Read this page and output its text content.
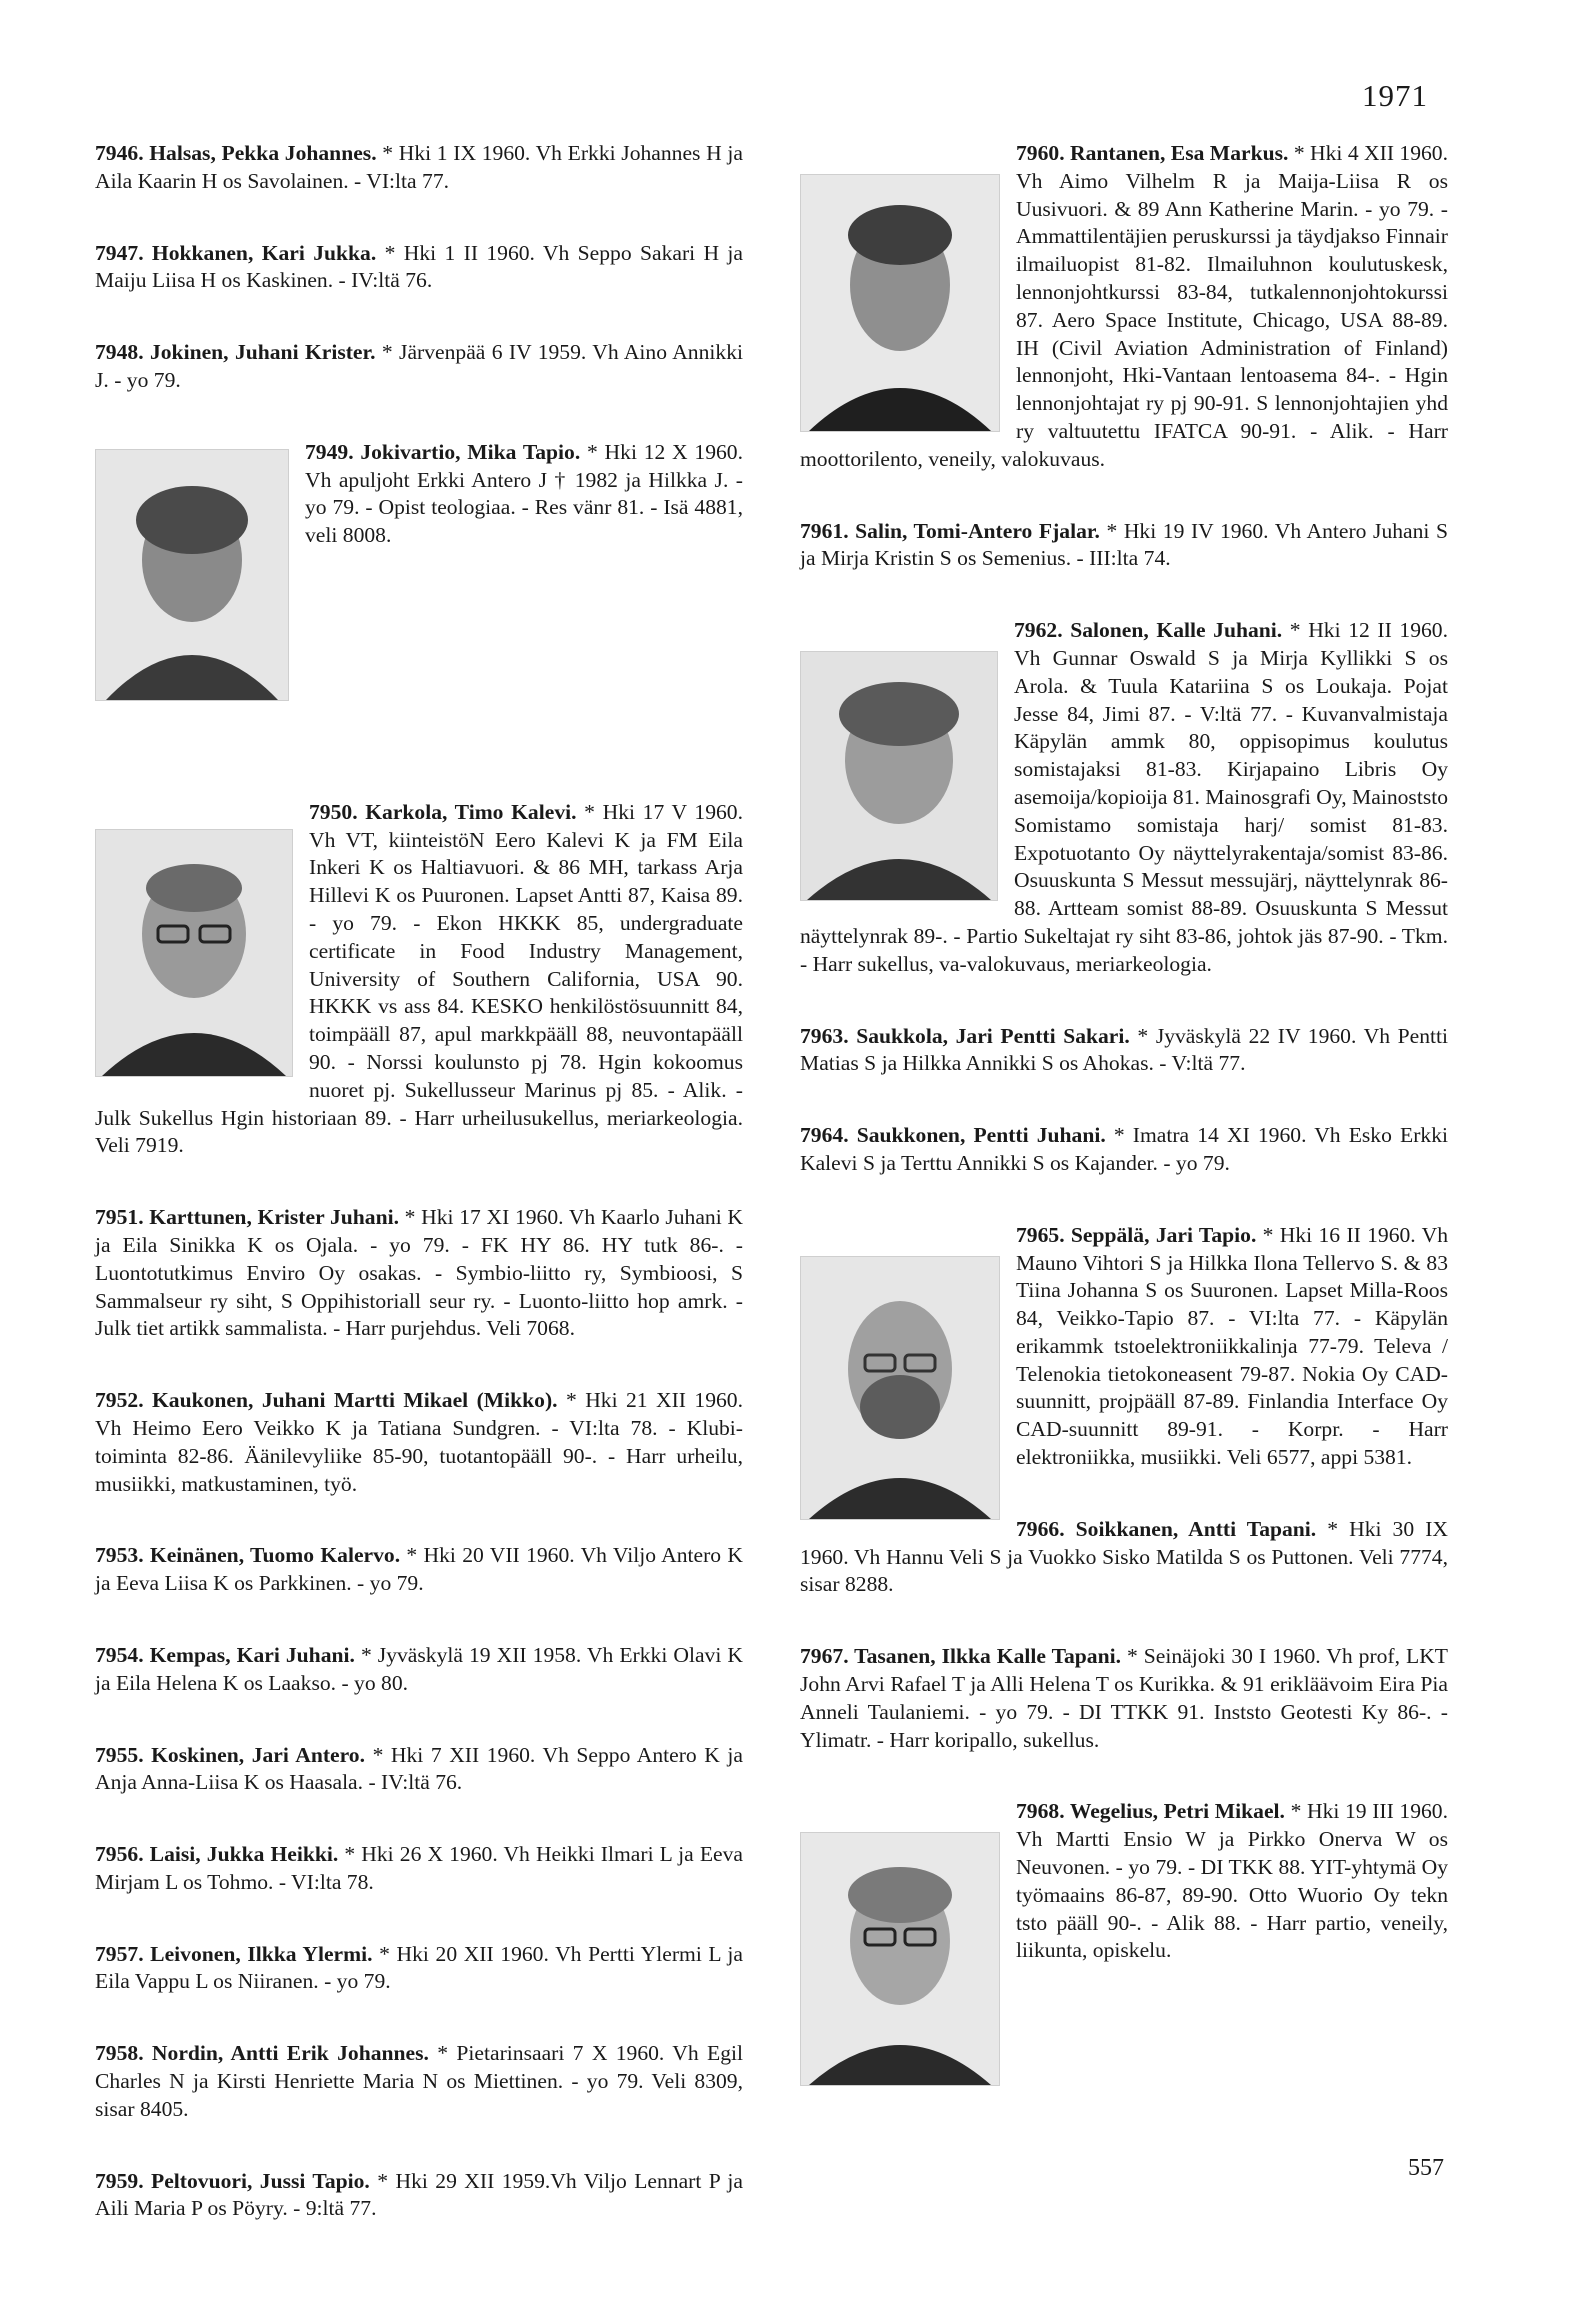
1971
7946. Halsas, Pekka Johannes. * Hki 1 IX 1960. Vh Erkki Johannes H ja Aila Kaarin H os Savolainen. - VI:lta 77.
7947. Hokkanen, Kari Jukka. * Hki 1 II 1960. Vh Seppo Sakari H ja Maiju Liisa H os Kaskinen. - IV:ltä 76.
7948. Jokinen, Juhani Krister. * Järvenpää 6 IV 1959. Vh Aino Annikki J. - yo 79.
7949. Jokivartio, Mika Tapio. * Hki 12 X 1960. Vh apuljoht Erkki Antero J † 1982 ja Hilkka J. - yo 79. - Opist teologiaa. - Res vänr 81. - Isä 4881, veli 8008.
7950. Karkola, Timo Kalevi. * Hki 17 V 1960. Vh VT, kiinteistöN Eero Kalevi K ja FM Eila Inkeri K os Haltiavuori. & 86 MH, tarkass Arja Hillevi K os Puuronen. Lapset Antti 87, Kaisa 89. - yo 79. - Ekon HKKK 85, undergraduate certificate in Food Industry Management, University of Southern California, USA 90. HKKK vs ass 84. KESKO henkilöstösuunnitt 84, toimpääll 87, apul markkpääll 88, neuvontapääll 90. - Norssi koulunsto pj 78. Hgin kokoomus nuoret pj. Sukellusseur Marinus pj 85. - Alik. - Julk Sukellus Hgin historiaan 89. - Harr urheilusukellus, meriarkeologia. Veli 7919.
7951. Karttunen, Krister Juhani. * Hki 17 XI 1960. Vh Kaarlo Juhani K ja Eila Sinikka K os Ojala. - yo 79. - FK HY 86. HY tutk 86-. - Luontotutkimus Enviro Oy osakas. - Symbio-liitto ry, Symbioosi, S Sammalseur ry siht, S Oppihistoriall seur ry. - Luonto-liitto hop amrk. - Julk tiet artikk sammalista. - Harr purjehdus. Veli 7068.
7952. Kaukonen, Juhani Martti Mikael (Mikko). * Hki 21 XII 1960. Vh Heimo Eero Veikko K ja Tatiana Sundgren. - VI:lta 78. - Klubi-toiminta 82-86. Äänilevyliike 85-90, tuotantopääll 90-. - Harr urheilu, musiikki, matkustaminen, työ.
7953. Keinänen, Tuomo Kalervo. * Hki 20 VII 1960. Vh Viljo Antero K ja Eeva Liisa K os Parkkinen. - yo 79.
7954. Kempas, Kari Juhani. * Jyväskylä 19 XII 1958. Vh Erkki Olavi K ja Eila Helena K os Laakso. - yo 80.
7955. Koskinen, Jari Antero. * Hki 7 XII 1960. Vh Seppo Antero K ja Anja Anna-Liisa K os Haasala. - IV:ltä 76.
7956. Laisi, Jukka Heikki. * Hki 26 X 1960. Vh Heikki Ilmari L ja Eeva Mirjam L os Tohmo. - VI:lta 78.
7957. Leivonen, Ilkka Ylermi. * Hki 20 XII 1960. Vh Pertti Ylermi L ja Eila Vappu L os Niiranen. - yo 79.
7958. Nordin, Antti Erik Johannes. * Pietarinsaari 7 X 1960. Vh Egil Charles N ja Kirsti Henriette Maria N os Miettinen. - yo 79. Veli 8309, sisar 8405.
7959. Peltovuori, Jussi Tapio. * Hki 29 XII 1959.Vh Viljo Lennart P ja Aili Maria P os Pöyry. - 9:ltä 77.
7960. Rantanen, Esa Markus. * Hki 4 XII 1960. Vh Aimo Vilhelm R ja Maija-Liisa R os Uusivuori. & 89 Ann Katherine Marin. - yo 79. - Ammattilentäjien peruskurssi ja täydjakso Finnair ilmailuopist 81-82. Ilmailuhnon koulutuskesk, lennonjohtkurssi 83-84, tutkalennonjohtokurssi 87. Aero Space Institute, Chicago, USA 88-89. IH (Civil Aviation Administration of Finland) lennonjoht, Hki-Vantaan lentoasema 84-. - Hgin lennonjohtajat ry pj 90-91. S lennonjohtajien yhd ry valtuutettu IFATCA 90-91. - Alik. - Harr moottorilento, veneily, valokuvaus.
7961. Salin, Tomi-Antero Fjalar. * Hki 19 IV 1960. Vh Antero Juhani S ja Mirja Kristin S os Semenius. - III:lta 74.
7962. Salonen, Kalle Juhani. * Hki 12 II 1960. Vh Gunnar Oswald S ja Mirja Kyllikki S os Arola. & Tuula Katariina S os Loukaja. Pojat Jesse 84, Jimi 87. - V:ltä 77. - Kuvanvalmistaja Käpylän ammk 80, oppisopimus koulutus somistajaksi 81-83. Kirjapaino Libris Oy asemoija/kopioija 81. Mainosgrafi Oy, Mainoststo Somistamo somistaja harj/ somist 81-83. Expotuotanto Oy näyttelyrakentaja/somist 83-86. Osuuskunta S Messut messujärj, näyttelynrak 86-88. Artteam somist 88-89. Osuuskunta S Messut näyttelynrak 89-. - Partio Sukeltajat ry siht 83-86, johtok jäs 87-90. - Tkm. - Harr sukellus, va-valokuvaus, meriarkeologia.
7963. Saukkola, Jari Pentti Sakari. * Jyväskylä 22 IV 1960. Vh Pentti Matias S ja Hilkka Annikki S os Ahokas. - V:ltä 77.
7964. Saukkonen, Pentti Juhani. * Imatra 14 XI 1960. Vh Esko Erkki Kalevi S ja Terttu Annikki S os Kajander. - yo 79.
7965. Seppälä, Jari Tapio. * Hki 16 II 1960. Vh Mauno Vihtori S ja Hilkka Ilona Tellervo S. & 83 Tiina Johanna S os Suuronen. Lapset Milla-Roos 84, Veikko-Tapio 87. - VI:lta 77. - Käpylän erikammk tstoelektroniikkalinja 77-79. Televa / Telenokia tietokoneasent 79-87. Nokia Oy CAD-suunnitt, projpääll 87-89. Finlandia Interface Oy CAD-suunnitt 89-91. - Korpr. - Harr elektroniikka, musiikki. Veli 6577, appi 5381.
7966. Soikkanen, Antti Tapani. * Hki 30 IX 1960. Vh Hannu Veli S ja Vuokko Sisko Matilda S os Puttonen. Veli 7774, sisar 8288.
7967. Tasanen, Ilkka Kalle Tapani. * Seinäjoki 30 I 1960. Vh prof, LKT John Arvi Rafael T ja Alli Helena T os Kurikka. & 91 erikläävoim Eira Pia Anneli Taulaniemi. - yo 79. - DI TTKK 91. Inststo Geotesti Ky 86-. - Ylimatr. - Harr koripallo, sukellus.
7968. Wegelius, Petri Mikael. * Hki 19 III 1960. Vh Martti Ensio W ja Pirkko Onerva W os Neuvonen. - yo 79. - DI TKK 88. YIT-yhtymä Oy työmaains 86-87, 89-90. Otto Wuorio Oy tekn tsto pääll 90-. - Alik 88. - Harr partio, veneily, liikunta, opiskelu.
557
